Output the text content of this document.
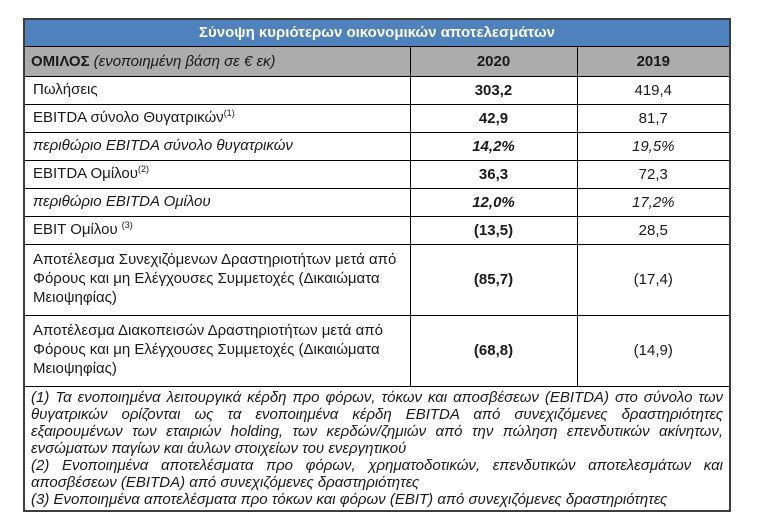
Σύνοψη κυριότερων οικονομικών αποτελεσμάτων		
ΟΜΙΛΟΣ (ενοποιημένη βάση σε € εκ)	2020	2019
Πωλήσεις	303,2	419,4
EBITDA σύνολο Θυγατρικών$^{(1)}$	42,9	81,7
περιθώριο EBITDA σύνολο θυγατρικών	14,2%	19,5%
EBITDA Ομίλου$^{(2)}$	36,3	72,3
περιθώριο EBITDA Ομίλου	12,0%	17,2%
EBIT Ομίλου $^{(3)}$	(13,5)	28,5
Αποτέλεσμα Συνεχιζόμενων Δραστηριοτήτων μετά από Φόρους και μη Ελέγχουσες Συμμετοχές (Δικαιώματα Μειοψηφίας)	(85,7)	(17,4)
Αποτέλεσμα Διακοπεισών Δραστηριοτήτων μετά από Φόρους και μη Ελέγχουσες Συμμετοχές (Δικαιώματα Μειοψηφίας)	(68,8)	(14,9)

(1) Τα ενοποιημένα λειτουργικά κέρδη προ φόρων, τόκων και αποσβέσεων (EBITDA) στο σύνολο των θυγατρικών ορίζονται ως τα ενοποιημένα κέρδη EBITDA από συνεχιζόμενες δραστηριότητες εξαιρουμένων των εταιριών holding, των κερδών/ζημιών από την πώληση επενδυτικών ακίνητων, ενσώματων παγίων και άυλων στοιχείων του ενεργητικού

(2) Ενοποιημένα αποτελέσματα προ φόρων, χρηματοδοτικών, επενδυτικών αποτελεσμάτων και αποσβέσεων (EBITDA) από συνεχιζόμενες δραστηριότητες

(3) Ενοποιημένα αποτελέσματα προ τόκων και φόρων (EBIT) από συνεχιζόμενες δραστηριότητες		
